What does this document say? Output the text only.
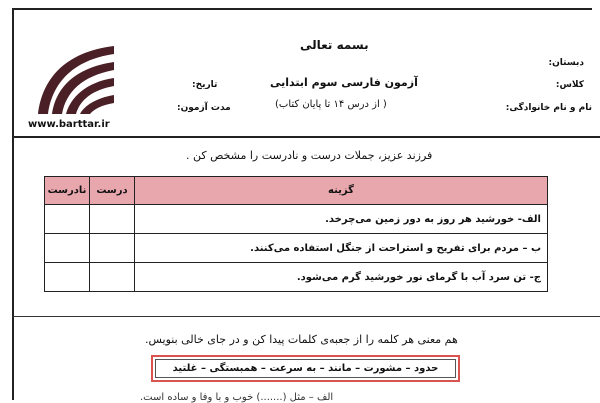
بسمه تعالی
آزمون فارسی سوم ابتدایی
( از درس ۱۴ تا پایان کتاب)
دبستان:
کلاس:
نام و نام خانوادگی:
تاریخ:
مدت آزمون:
www.barttar.ir
فرزند عزیز، جملات درست و نادرست را مشخص کن .
گزینه	درست	نادرست
الف- خورشید هر روز به دور زمین می‌چرخد.		
ب – مردم برای تفریح و استراحت از جنگل استفاده می‌کنند.		
ج- تن سرد آب با گرمای نور خورشید گرم می‌شود.		
هم معنی هر کلمه را از جعبه‌ی کلمات پیدا کن و در جای خالی بنویس.
حدود – مشورت – مانند – به سرعت – همبستگی – غلتید
الف – مثل (.......) خوب و با وفا و ساده است.
